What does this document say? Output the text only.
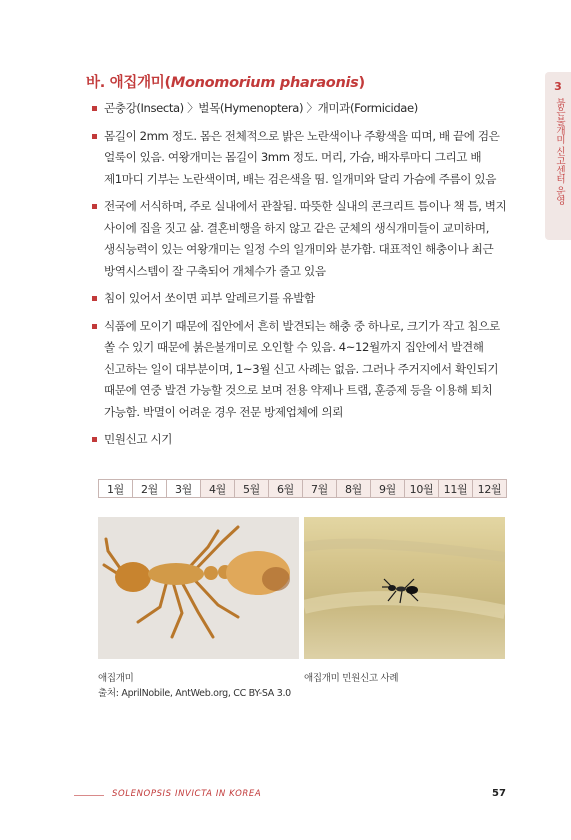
바. 애집개미(Monomorium pharaonis)	3
붉은불개미 신고센터 운영
곤충강(Insecta) 〉벌목(Hymenoptera) 〉개미과(Formicidae)
몸길이 2mm 정도. 몸은 전체적으로 밝은 노란색이나 주황색을 띠며, 배 끝에 검은 얼룩이 있음. 여왕개미는 몸길이 3mm 정도. 머리, 가슴, 배자루마디 그리고 배 제1마디 기부는 노란색이며, 배는 검은색을 띰. 일개미와 달리 가슴에 주름이 있음
전국에 서식하며, 주로 실내에서 관찰됨. 따뜻한 실내의 콘크리트 틈이나 책 틈, 벽지 사이에 집을 짓고 삶. 결혼비행을 하지 않고 같은 군체의 생식개미들이 교미하며, 생식능력이 있는 여왕개미는 일정 수의 일개미와 분가함. 대표적인 해충이나 최근 방역시스템이 잘 구축되어 개체수가 줄고 있음
침이 있어서 쏘이면 피부 알레르기를 유발함
식품에 모이기 때문에 집안에서 흔히 발견되는 해충 중 하나로, 크기가 작고 침으로 쏠 수 있기 때문에 붉은불개미로 오인할 수 있음. 4~12월까지 집안에서 발견해 신고하는 일이 대부분이며, 1~3월 신고 사례는 없음. 그러나 주거지에서 확인되기 때문에 연중 발견 가능할 것으로 보며 전용 약제나 트랩, 훈증제 등을 이용해 퇴치 가능함. 박멸이 어려운 경우 전문 방제업체에 의뢰
민원신고 시기
1월	2월	3월	4월	5월	6월	7월	8월	9월	10월	11월	12월
애집개미
출처: AprilNobile, AntWeb.org, CC BY-SA 3.0
애집개미 민원신고 사례
SOLENOPSIS INVICTA IN KOREA	57
